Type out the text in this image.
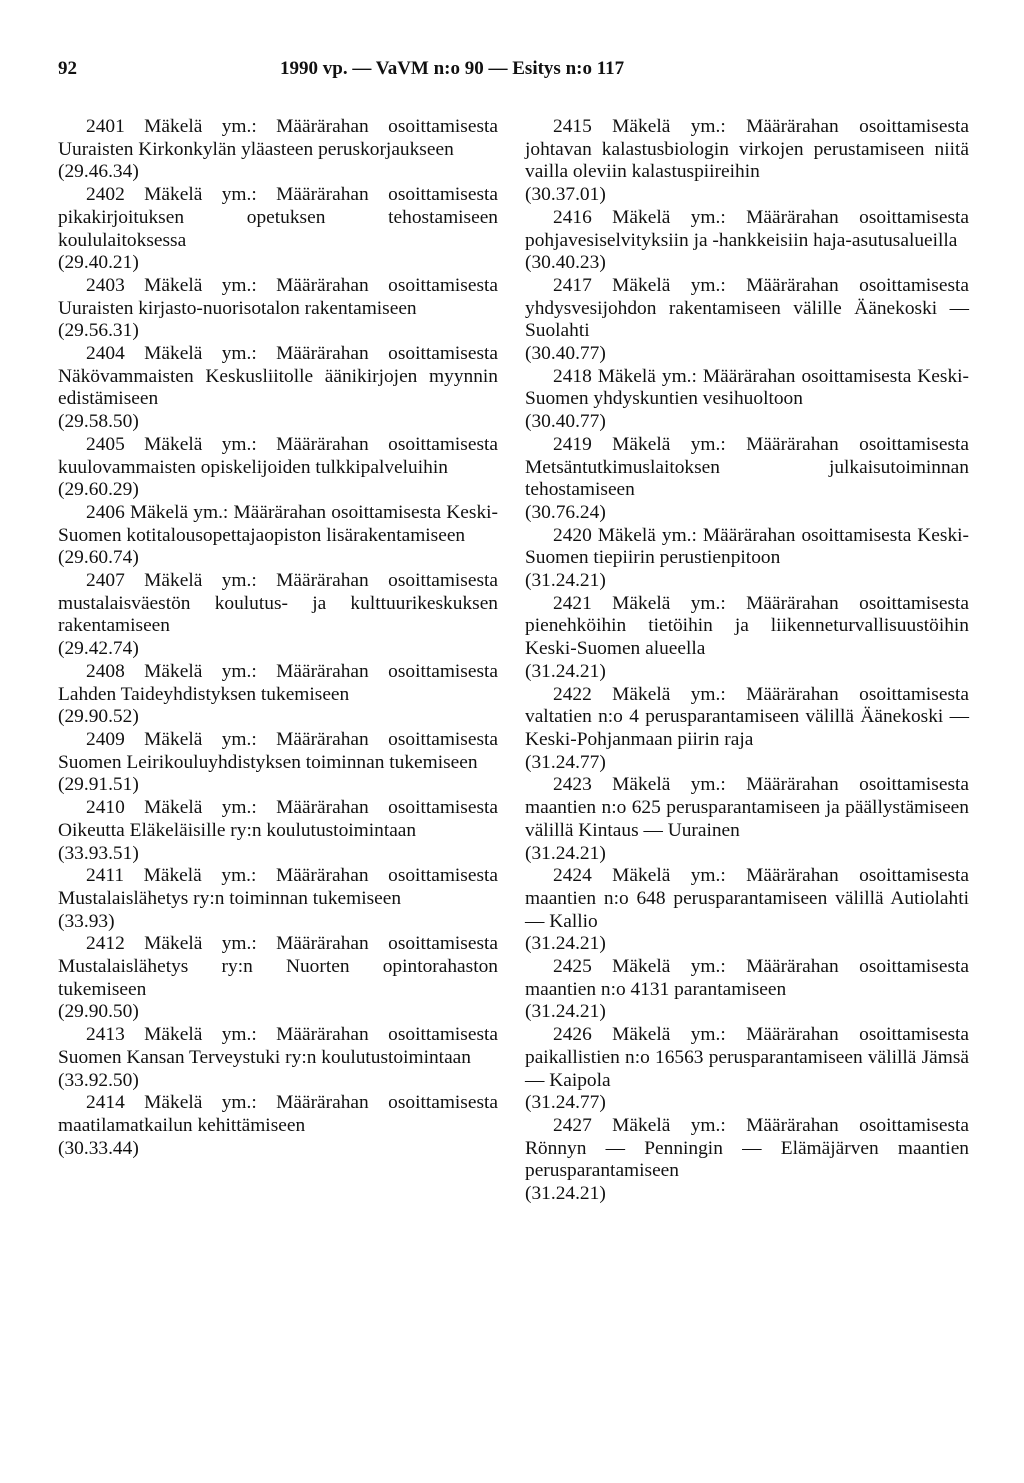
92	1990 vp. — VaVM n:o 90 — Esitys n:o 117
2401 Mäkelä ym.: Määrärahan osoittamisesta Uuraisten Kirkonkylän yläasteen peruskorjaukseen
(29.46.34)
2402 Mäkelä ym.: Määrärahan osoittamisesta pikakirjoituksen opetuksen tehostamiseen koululaitoksessa
(29.40.21)
2403 Mäkelä ym.: Määrärahan osoittamisesta Uuraisten kirjasto-nuorisotalon rakentamiseen
(29.56.31)
2404 Mäkelä ym.: Määrärahan osoittamisesta Näkövammaisten Keskusliitolle äänikirjojen myynnin edistämiseen
(29.58.50)
2405 Mäkelä ym.: Määrärahan osoittamisesta kuulovammaisten opiskelijoiden tulkkipalveluihin
(29.60.29)
2406 Mäkelä ym.: Määrärahan osoittamisesta Keski-Suomen kotitalousopettajaopiston lisärakentamiseen
(29.60.74)
2407 Mäkelä ym.: Määrärahan osoittamisesta mustalaisväestön koulutus- ja kulttuurikeskuksen rakentamiseen
(29.42.74)
2408 Mäkelä ym.: Määrärahan osoittamisesta Lahden Taideyhdistyksen tukemiseen
(29.90.52)
2409 Mäkelä ym.: Määrärahan osoittamisesta Suomen Leirikouluyhdistyksen toiminnan tukemiseen
(29.91.51)
2410 Mäkelä ym.: Määrärahan osoittamisesta Oikeutta Eläkeläisille ry:n koulutustoimintaan
(33.93.51)
2411 Mäkelä ym.: Määrärahan osoittamisesta Mustalaislähetys ry:n toiminnan tukemiseen
(33.93)
2412 Mäkelä ym.: Määrärahan osoittamisesta Mustalaislähetys ry:n Nuorten opintorahaston tukemiseen
(29.90.50)
2413 Mäkelä ym.: Määrärahan osoittamisesta Suomen Kansan Terveystuki ry:n koulutustoimintaan
(33.92.50)
2414 Mäkelä ym.: Määrärahan osoittamisesta maatilamatkailun kehittämiseen
(30.33.44)
2415 Mäkelä ym.: Määrärahan osoittamisesta johtavan kalastusbiologin virkojen perustamiseen niitä vailla oleviin kalastuspiireihin
(30.37.01)
2416 Mäkelä ym.: Määrärahan osoittamisesta pohjavesiselvityksiin ja -hankkeisiin haja-asutusalueilla
(30.40.23)
2417 Mäkelä ym.: Määrärahan osoittamisesta yhdysvesijohdon rakentamiseen välille Äänekoski — Suolahti
(30.40.77)
2418 Mäkelä ym.: Määrärahan osoittamisesta Keski-Suomen yhdyskuntien vesihuoltoon
(30.40.77)
2419 Mäkelä ym.: Määrärahan osoittamisesta Metsäntutkimuslaitoksen julkaisutoiminnan tehostamiseen
(30.76.24)
2420 Mäkelä ym.: Määrärahan osoittamisesta Keski-Suomen tiepiirin perustienpitoon
(31.24.21)
2421 Mäkelä ym.: Määrärahan osoittamisesta pienehköihin tietöihin ja liikenneturvallisuustöihin Keski-Suomen alueella
(31.24.21)
2422 Mäkelä ym.: Määrärahan osoittamisesta valtatien n:o 4 perusparantamiseen välillä Äänekoski — Keski-Pohjanmaan piirin raja
(31.24.77)
2423 Mäkelä ym.: Määrärahan osoittamisesta maantien n:o 625 perusparantamiseen ja päällystämiseen välillä Kintaus — Uurainen
(31.24.21)
2424 Mäkelä ym.: Määrärahan osoittamisesta maantien n:o 648 perusparantamiseen välillä Autiolahti — Kallio
(31.24.21)
2425 Mäkelä ym.: Määrärahan osoittamisesta maantien n:o 4131 parantamiseen
(31.24.21)
2426 Mäkelä ym.: Määrärahan osoittamisesta paikallistien n:o 16563 perusparantamiseen välillä Jämsä — Kaipola
(31.24.77)
2427 Mäkelä ym.: Määrärahan osoittamisesta Rönnyn — Penningin — Elämäjärven maantien perusparantamiseen
(31.24.21)
